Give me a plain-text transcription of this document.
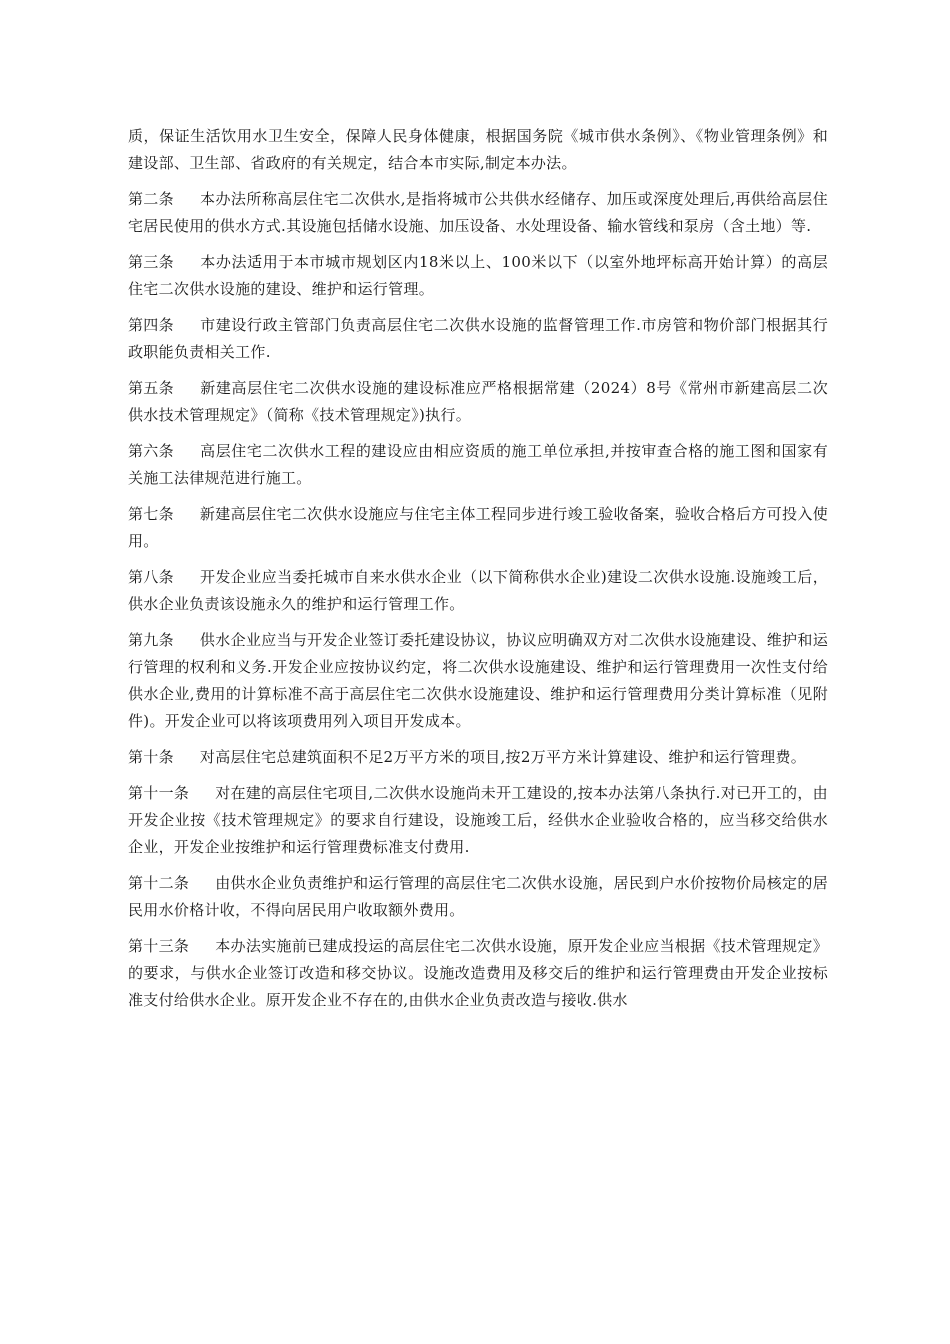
质，保证生活饮用水卫生安全，保障人民身体健康，根据国务院《城市供水条例》、《物业管理条例》和建设部、卫生部、省政府的有关规定，结合本市实际,制定本办法。

第二条 本办法所称高层住宅二次供水,是指将城市公共供水经储存、加压或深度处理后,再供给高层住宅居民使用的供水方式.其设施包括储水设施、加压设备、水处理设备、输水管线和泵房（含土地）等.

第三条 本办法适用于本市城市规划区内18米以上、100米以下（以室外地坪标高开始计算）的高层住宅二次供水设施的建设、维护和运行管理。

第四条 市建设行政主管部门负责高层住宅二次供水设施的监督管理工作.市房管和物价部门根据其行政职能负责相关工作.

第五条 新建高层住宅二次供水设施的建设标准应严格根据常建（2024）8号《常州市新建高层二次供水技术管理规定》（简称《技术管理规定》)执行。

第六条 高层住宅二次供水工程的建设应由相应资质的施工单位承担,并按审查合格的施工图和国家有关施工法律规范进行施工。

第七条 新建高层住宅二次供水设施应与住宅主体工程同步进行竣工验收备案，验收合格后方可投入使用。

第八条 开发企业应当委托城市自来水供水企业（以下简称供水企业)建设二次供水设施.设施竣工后，供水企业负责该设施永久的维护和运行管理工作。

第九条 供水企业应当与开发企业签订委托建设协议，协议应明确双方对二次供水设施建设、维护和运行管理的权利和义务.开发企业应按协议约定，将二次供水设施建设、维护和运行管理费用一次性支付给供水企业,费用的计算标准不高于高层住宅二次供水设施建设、维护和运行管理费用分类计算标准（见附件)。开发企业可以将该项费用列入项目开发成本。

第十条 对高层住宅总建筑面积不足2万平方米的项目,按2万平方米计算建设、维护和运行管理费。

第十一条 对在建的高层住宅项目,二次供水设施尚未开工建设的,按本办法第八条执行.对已开工的，由开发企业按《技术管理规定》的要求自行建设，设施竣工后，经供水企业验收合格的，应当移交给供水企业，开发企业按维护和运行管理费标准支付费用.

第十二条 由供水企业负责维护和运行管理的高层住宅二次供水设施，居民到户水价按物价局核定的居民用水价格计收，不得向居民用户收取额外费用。

第十三条 本办法实施前已建成投运的高层住宅二次供水设施，原开发企业应当根据《技术管理规定》的要求，与供水企业签订改造和移交协议。设施改造费用及移交后的维护和运行管理费由开发企业按标准支付给供水企业。原开发企业不存在的,由供水企业负责改造与接收.供水
